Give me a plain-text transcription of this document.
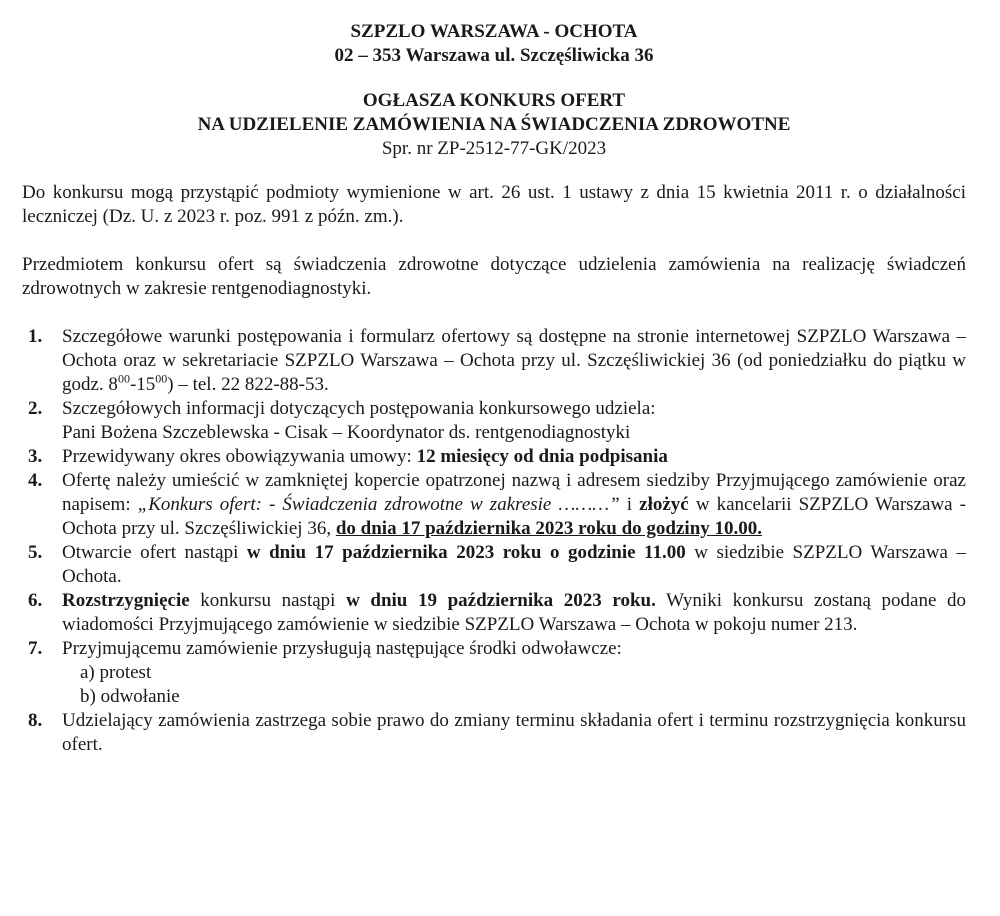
SZPZLO WARSZAWA - OCHOTA
02 – 353 Warszawa ul. Szczęśliwicka 36
OGŁASZA KONKURS OFERT
NA UDZIELENIE ZAMÓWIENIA NA ŚWIADCZENIA ZDROWOTNE
Spr. nr ZP-2512-77-GK/2023

Do konkursu mogą przystąpić podmioty wymienione w art. 26 ust. 1 ustawy z dnia 15 kwietnia 2011 r. o działalności leczniczej (Dz. U. z 2023 r. poz. 991 z późn. zm.).

Przedmiotem konkursu ofert są świadczenia zdrowotne dotyczące udzielenia zamówienia na realizację świadczeń zdrowotnych w zakresie rentgenodiagnostyki.

1. Szczegółowe warunki postępowania i formularz ofertowy są dostępne na stronie internetowej SZPZLO Warszawa – Ochota oraz w sekretariacie SZPZLO Warszawa – Ochota przy ul. Szczęśliwickiej 36 (od poniedziałku do piątku w godz. $8^{00}-15^{00}$) – tel. 22 822-88-53.
2. Szczegółowych informacji dotyczących postępowania konkursowego udziela:
Pani Bożena Szczeblewska - Cisak – Koordynator ds. rentgenodiagnostyki
3. Przewidywany okres obowiązywania umowy: 12 miesięcy od dnia podpisania
4. Ofertę należy umieścić w zamkniętej kopercie opatrzonej nazwą i adresem siedziby Przyjmującego zamówienie oraz napisem: „Konkurs ofert: - Świadczenia zdrowotne w zakresie ………” i złożyć w kancelarii SZPZLO Warszawa - Ochota przy ul. Szczęśliwickiej 36, do dnia 17 października 2023 roku do godziny 10.00.
5. Otwarcie ofert nastąpi w dniu 17 października 2023 roku o godzinie 11.00 w siedzibie SZPZLO Warszawa – Ochota.
6. Rozstrzygnięcie konkursu nastąpi w dniu 19 października 2023 roku. Wyniki konkursu zostaną podane do wiadomości Przyjmującego zamówienie w siedzibie SZPZLO Warszawa – Ochota w pokoju numer 213.
7. Przyjmującemu zamówienie przysługują następujące środki odwoławcze:
a) protest
b) odwołanie
8. Udzielający zamówienia zastrzega sobie prawo do zmiany terminu składania ofert i terminu rozstrzygnięcia konkursu ofert.
